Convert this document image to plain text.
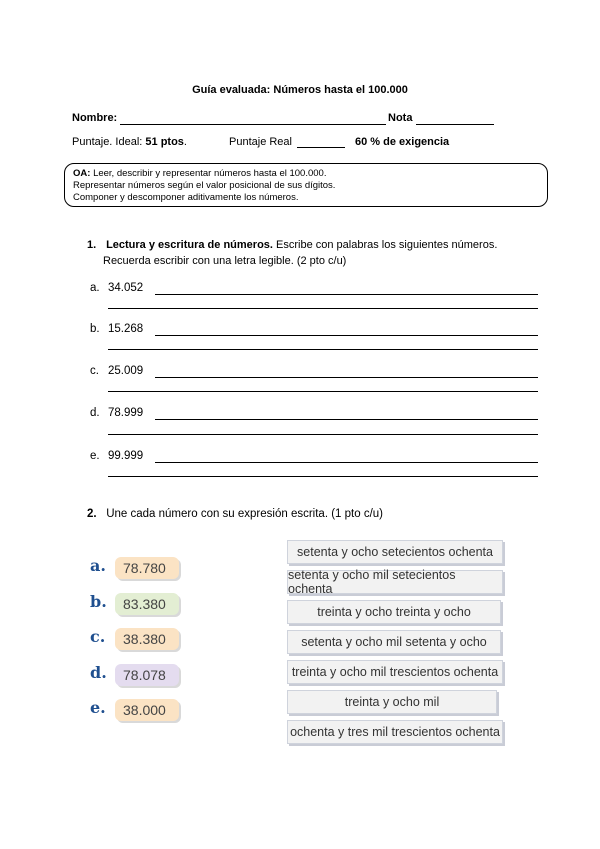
Guía evaluada: Números hasta el 100.000
Nombre:	Nota
Puntaje. Ideal: 51 ptos.	Puntaje Real	60 % de exigencia
OA: Leer, describir y representar números hasta el 100.000.
Representar números según el valor posicional de sus dígitos.
Componer y descomponer aditivamente los números.
1. Lectura y escritura de números. Escribe con palabras los siguientes números.
Recuerda escribir con una letra legible. (2 pto c/u)
a. 34.052
b. 15.268
c. 25.009
d. 78.999
e. 99.999
2. Une cada número con su expresión escrita. (1 pto c/u)
a.	78.780
b.	83.380
c.	38.380
d.	78.078
e.	38.000
setenta y ocho setecientos ochenta
setenta y ocho mil setecientos ochenta
treinta y ocho treinta y ocho
setenta y ocho mil setenta y ocho
treinta y ocho mil trescientos ochenta
treinta y ocho mil
ochenta y tres mil trescientos ochenta
